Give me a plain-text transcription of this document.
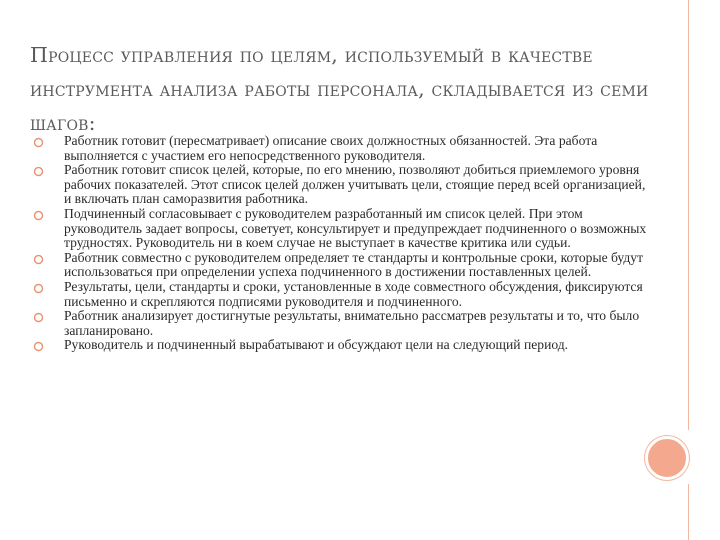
Процесс управления по целям, используемый в качестве инструмента анализа работы персонала, складывается из семи шагов:
Работник готовит (пересматривает) описание своих должностных обязанностей. Эта работа выполняется с участием его непосредственного руководителя.
Работник готовит список целей, которые, по его мнению, позволяют добиться приемлемого уровня рабочих показателей. Этот список целей должен учитывать цели, стоящие перед всей организацией, и включать план саморазвития работника.
Подчиненный согласовывает с руководителем разработанный им список целей. При этом руководитель задает вопросы, советует, консультирует и предупреждает подчиненного о возможных трудностях. Руководитель ни в коем случае не выступает в качестве критика или судьи.
Работник совместно с руководителем определяет те стандарты и контрольные сроки, которые будут использоваться при определении успеха подчиненного в достижении поставленных целей.
Результаты, цели, стандарты и сроки, установленные в ходе совместного обсуждения, фиксируются письменно и скрепляются подписями руководителя и подчиненного.
Работник анализирует достигнутые результаты, внимательно рассматрев результаты и то, что было запланировано.
Руководитель и подчиненный вырабатывают и обсуждают цели на следующий период.
